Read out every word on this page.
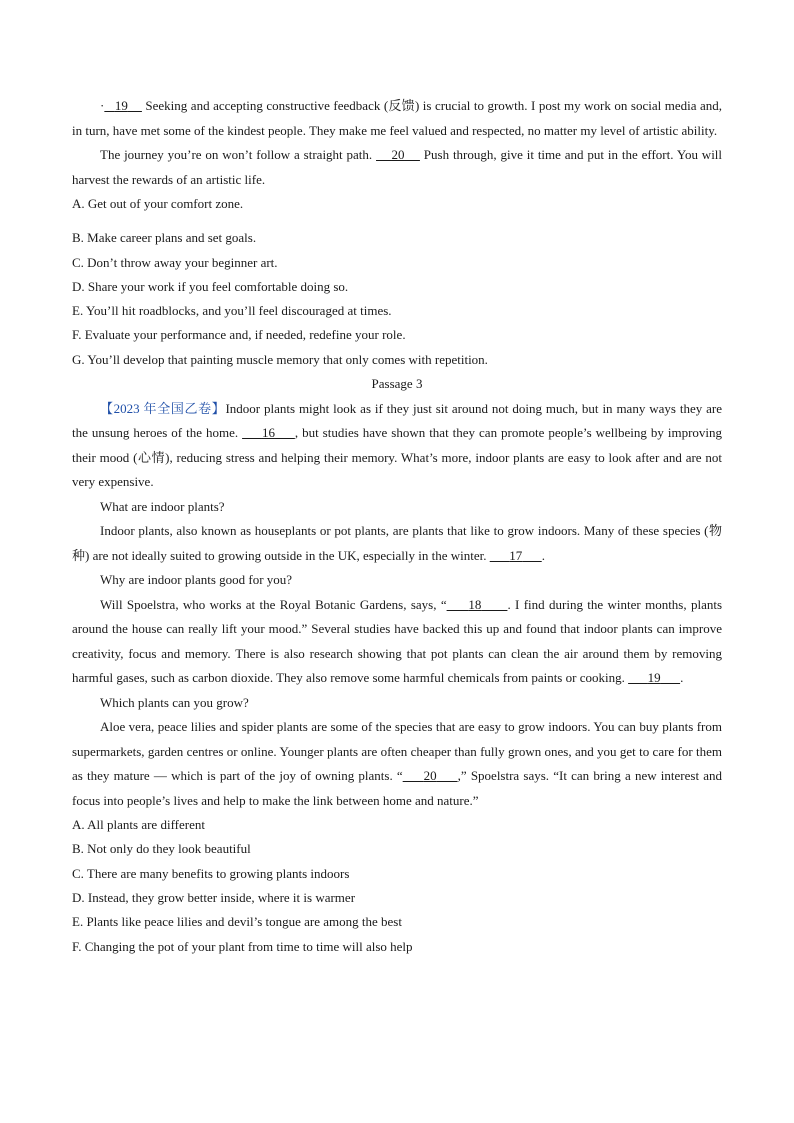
· 19     Seeking and accepting constructive feedback (反馈) is crucial to growth. I post my work on social media and, in turn, have met some of the kindest people. They make me feel valued and respected, no matter my level of artistic ability.

The journey you’re on won’t follow a straight path.     20     Push through, give it time and put in the effort. You will harvest the rewards of an artistic life.

A. Get out of your comfort zone.

B. Make career plans and set goals.

C. Don’t throw away your beginner art.

D. Share your work if you feel comfortable doing so.

E. You’ll hit roadblocks, and you’ll feel discouraged at times.

F. Evaluate your performance and, if needed, redefine your role.

G. You’ll develop that painting muscle memory that only comes with repetition.

Passage 3

【2023 年全国乙卷】Indoor plants might look as if they just sit around not doing much, but in many ways they are the unsung heroes of the home.      16 , but studies have shown that they can promote people’s wellbeing by improving their mood (心情), reducing stress and helping their memory. What’s more, indoor plants are easy to look after and are not very expensive.

What are indoor plants?

Indoor plants, also known as houseplants or pot plants, are plants that like to grow indoors. Many of these species (物种) are not ideally suited to growing outside in the UK, especially in the winter.       17 .

Why are indoor plants good for you?

Will Spoelstra, who works at the Royal Botanic Gardens, says, “ 18 . I find during the winter months, plants around the house can really lift your mood.” Several studies have backed this up and found that indoor plants can improve creativity, focus and memory. There is also research showing that pot plants can clean the air around them by removing harmful gases, such as carbon dioxide. They also remove some harmful chemicals from paints or cooking.       19 .

Which plants can you grow?

Aloe vera, peace lilies and spider plants are some of the species that are easy to grow indoors. You can buy plants from supermarkets, garden centres or online. Younger plants are often cheaper than fully grown ones, and you get to care for them as they mature — which is part of the joy of owning plants. “ 20 ,” Spoelstra says. “It can bring a new interest and focus into people’s lives and help to make the link between home and nature.”

A. All plants are different

B. Not only do they look beautiful

C. There are many benefits to growing plants indoors

D. Instead, they grow better inside, where it is warmer

E. Plants like peace lilies and devil’s tongue are among the best

F. Changing the pot of your plant from time to time will also help
